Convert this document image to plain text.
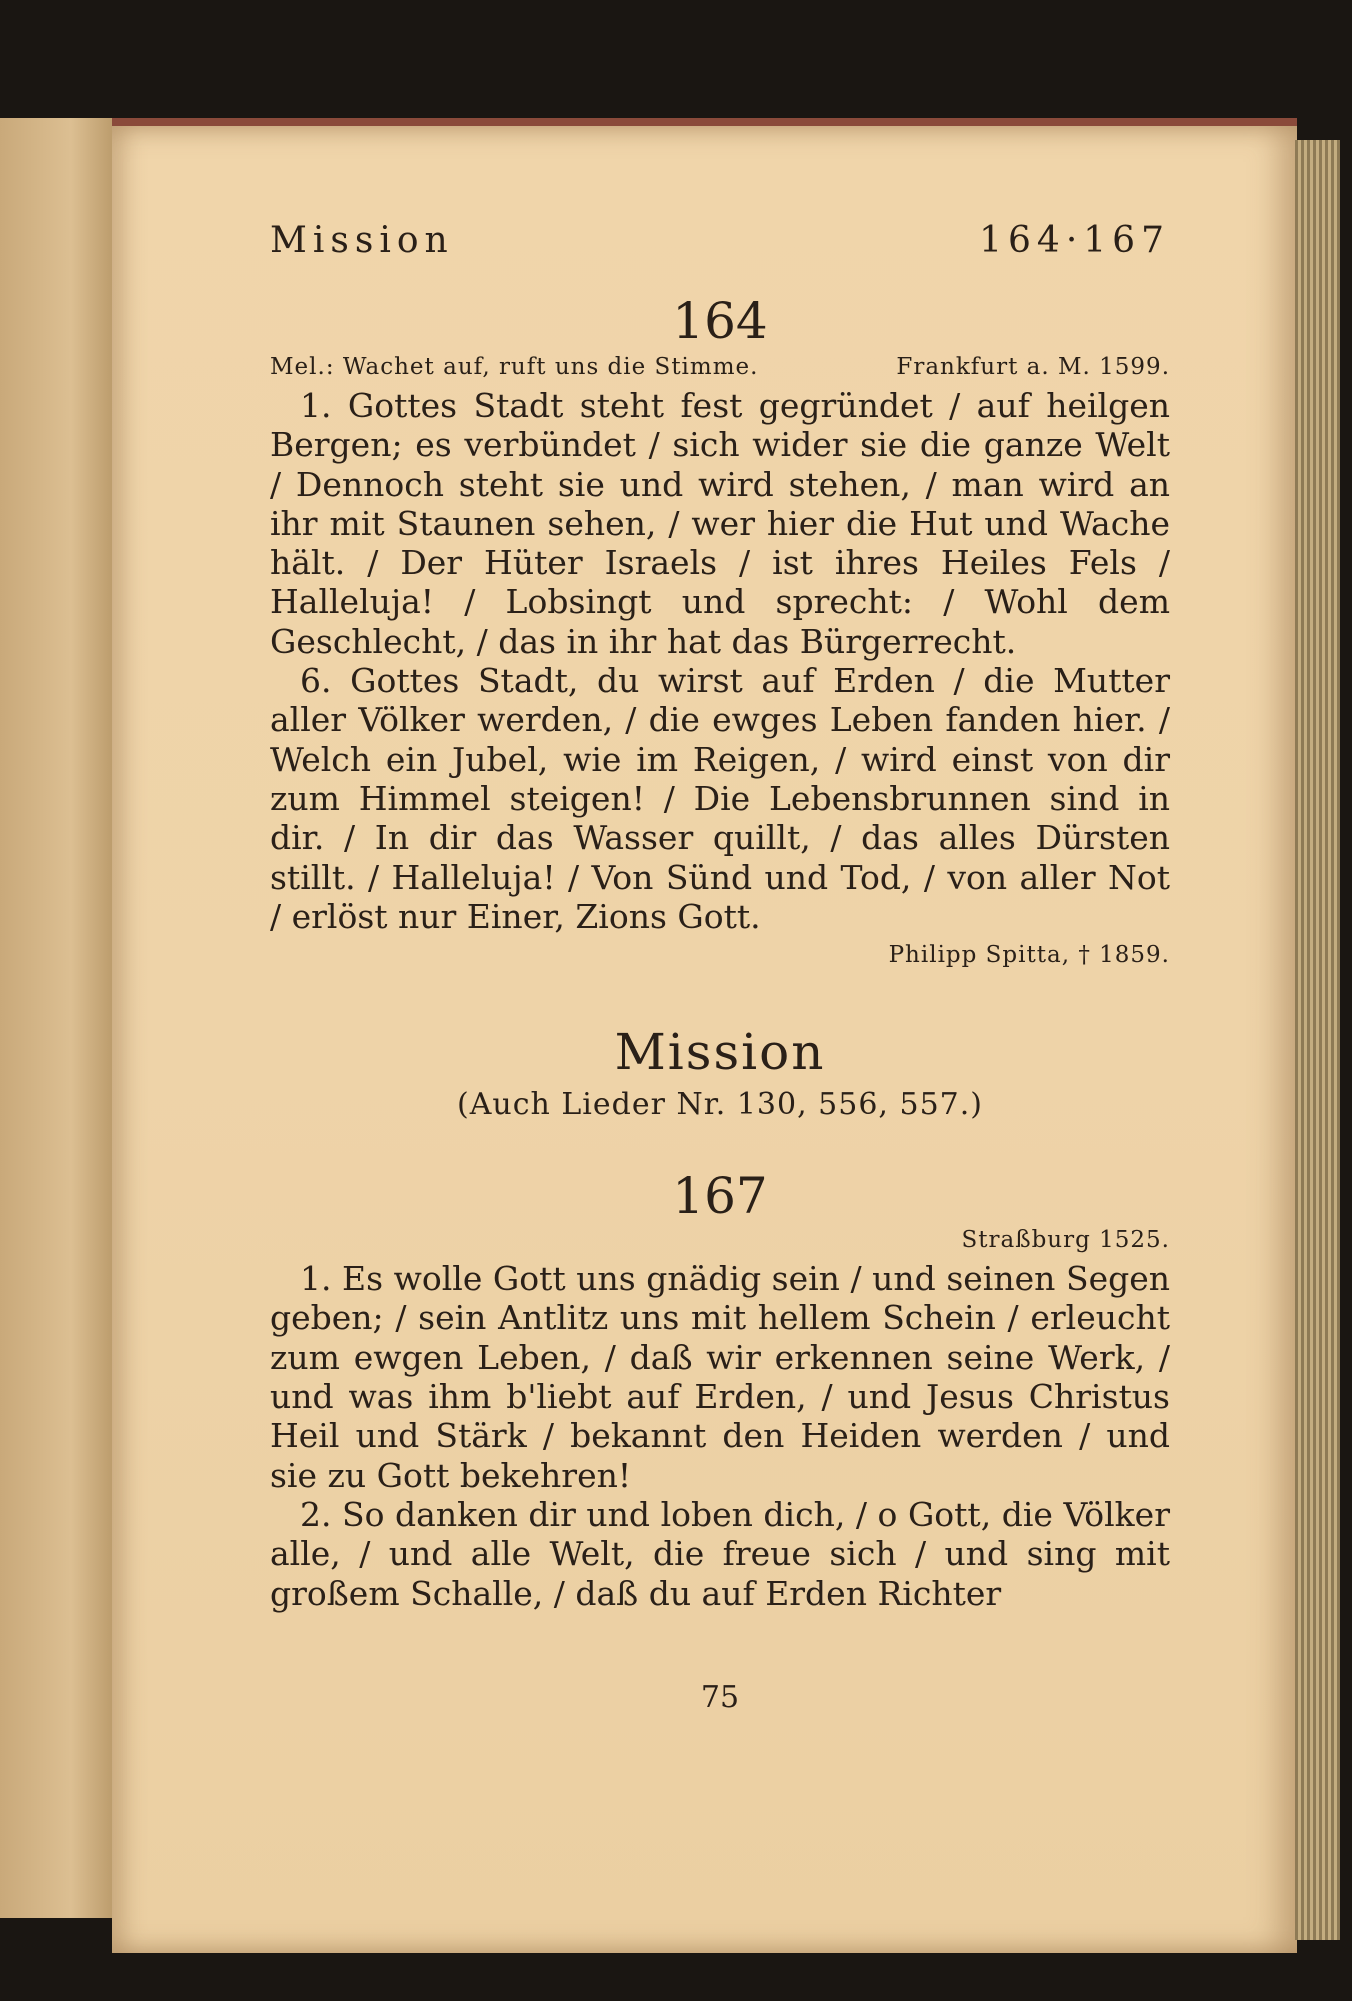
Mission	164·167
164
Mel.: Wachet auf, ruft uns die Stimme.	Frankfurt a. M. 1599.

1. Gottes Stadt steht fest gegründet / auf heilgen Bergen; es verbündet / sich wider sie die ganze Welt / Dennoch steht sie und wird stehen, / man wird an ihr mit Staunen sehen, / wer hier die Hut und Wache hält. / Der Hüter Israels / ist ihres Heiles Fels / Halleluja! / Lobsingt und sprecht: / Wohl dem Geschlecht, / das in ihr hat das Bürgerrecht.

6. Gottes Stadt, du wirst auf Erden / die Mutter aller Völker werden, / die ewges Leben fanden hier. / Welch ein Jubel, wie im Reigen, / wird einst von dir zum Himmel steigen! / Die Lebensbrunnen sind in dir. / In dir das Wasser quillt, / das alles Dürsten stillt. / Halleluja! / Von Sünd und Tod, / von aller Not / erlöst nur Einer, Zions Gott.

Philipp Spitta, † 1859.
Mission
(Auch Lieder Nr. 130, 556, 557.)
167
Straßburg 1525.

1. Es wolle Gott uns gnädig sein / und seinen Segen geben; / sein Antlitz uns mit hellem Schein / erleucht zum ewgen Leben, / daß wir erkennen seine Werk, / und was ihm b'liebt auf Erden, / und Jesus Christus Heil und Stärk / bekannt den Heiden werden / und sie zu Gott bekehren!

2. So danken dir und loben dich, / o Gott, die Völker alle, / und alle Welt, die freue sich / und sing mit großem Schalle, / daß du auf Erden Richter

75
